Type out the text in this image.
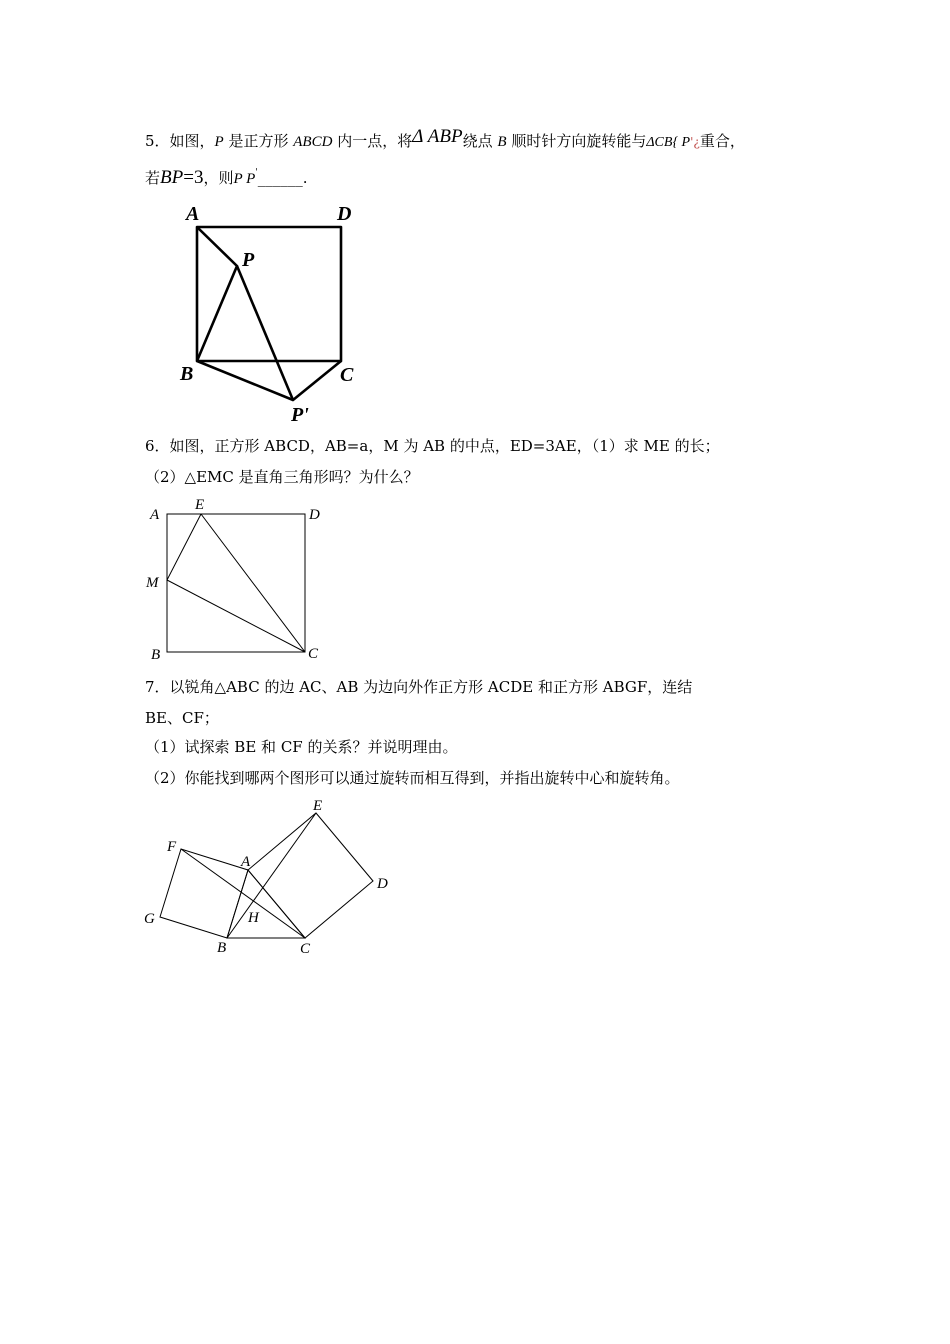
5．如图，P 是正方形 ABCD 内一点，将Δ ABP绕点 B 顺时针方向旋转能与ΔCB{ P'¿重合，
若BP=3，则P P'______.
A	D
P
B	C
P'
6．如图，正方形 ABCD，AB=a，M 为 AB 的中点，ED=3AE，（1）求 ME 的长；
（2）△EMC 是直角三角形吗？为什么？
A
E
D
M
B	C
7．以锐角△ABC 的边 AC、AB 为边向外作正方形 ACDE 和正方形 ABGF，连结
BE、CF；
（1）试探索 BE 和 CF 的关系？并说明理由。
（2）你能找到哪两个图形可以通过旋转而相互得到，并指出旋转中心和旋转角。
E
F
A
D
G	H
B	C
